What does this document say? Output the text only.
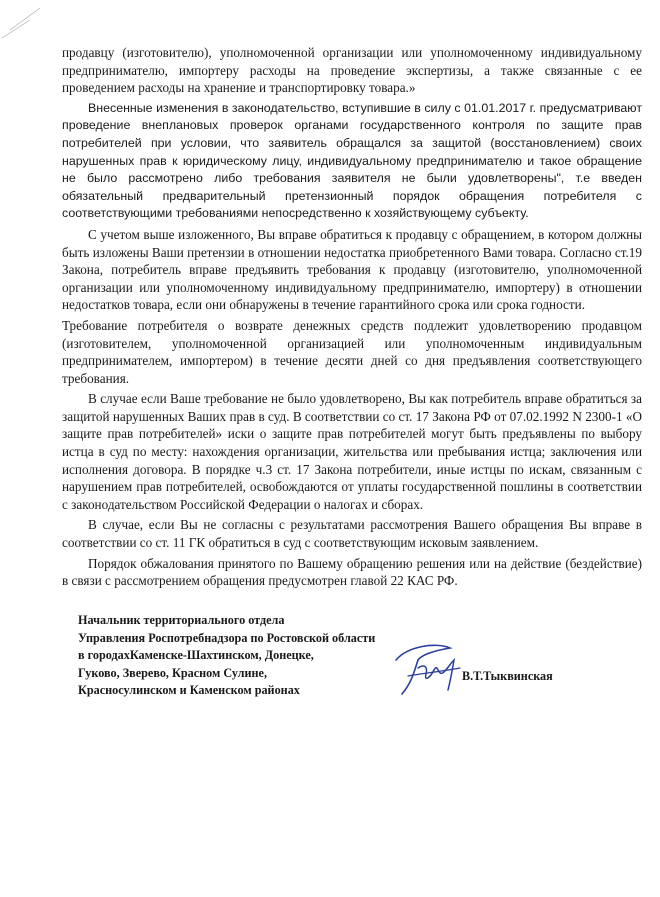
продавцу (изготовителю), уполномоченной организации или уполномоченному индивидуальному предпринимателю, импортеру расходы на проведение экспертизы, а также связанные с ее проведением расходы на хранение и транспортировку товара.»

Внесенные изменения в законодательство, вступившие в силу с 01.01.2017 г. предусматривают проведение внеплановых проверок органами государственного контроля по защите прав потребителей при условии, что заявитель обращался за защитой (восстановлением) своих нарушенных прав к юридическому лицу, индивидуальному предпринимателю и такое обращение не было рассмотрено либо требования заявителя не были удовлетворены", т.е введен обязательный предварительный претензионный порядок обращения потребителя с соответствующими требованиями непосредственно к хозяйствующему субъекту.

С учетом выше изложенного, Вы вправе обратиться к продавцу с обращением, в котором должны быть изложены Ваши претензии в отношении недостатка приобретенного Вами товара. Согласно ст.19 Закона, потребитель вправе предъявить требования к продавцу (изготовителю, уполномоченной организации или уполномоченному индивидуальному предпринимателю, импортеру) в отношении недостатков товара, если они обнаружены в течение гарантийного срока или срока годности.

Требование потребителя о возврате денежных средств подлежит удовлетворению продавцом (изготовителем, уполномоченной организацией или уполномоченным индивидуальным предпринимателем, импортером) в течение десяти дней со дня предъявления соответствующего требования.

В случае если Ваше требование не было удовлетворено, Вы как потребитель вправе обратиться за защитой нарушенных Ваших прав в суд. В соответствии со ст. 17 Закона РФ от 07.02.1992 N 2300-1 «О защите прав потребителей» иски о защите прав потребителей могут быть предъявлены по выбору истца в суд по месту: нахождения организации, жительства или пребывания истца; заключения или исполнения договора. В порядке ч.3 ст. 17 Закона потребители, иные истцы по искам, связанным с нарушением прав потребителей, освобождаются от уплаты государственной пошлины в соответствии с законодательством Российской Федерации о налогах и сборах.

В случае, если Вы не согласны с результатами рассмотрения Вашего обращения Вы вправе в соответствии со ст. 11 ГК обратиться в суд с соответствующим исковым заявлением.

Порядок обжалования принятого по Вашему обращению решения или на действие (бездействие) в связи с рассмотрением обращения предусмотрен главой 22 КАС РФ.

Начальник территориального отдела
Управления Роспотребнадзора по Ростовской области
в городахКаменске-Шахтинском, Донецке,
Гуково, Зверево, Красном Сулине,
Красносулинском и Каменском районах
В.Т.Тыквинская
